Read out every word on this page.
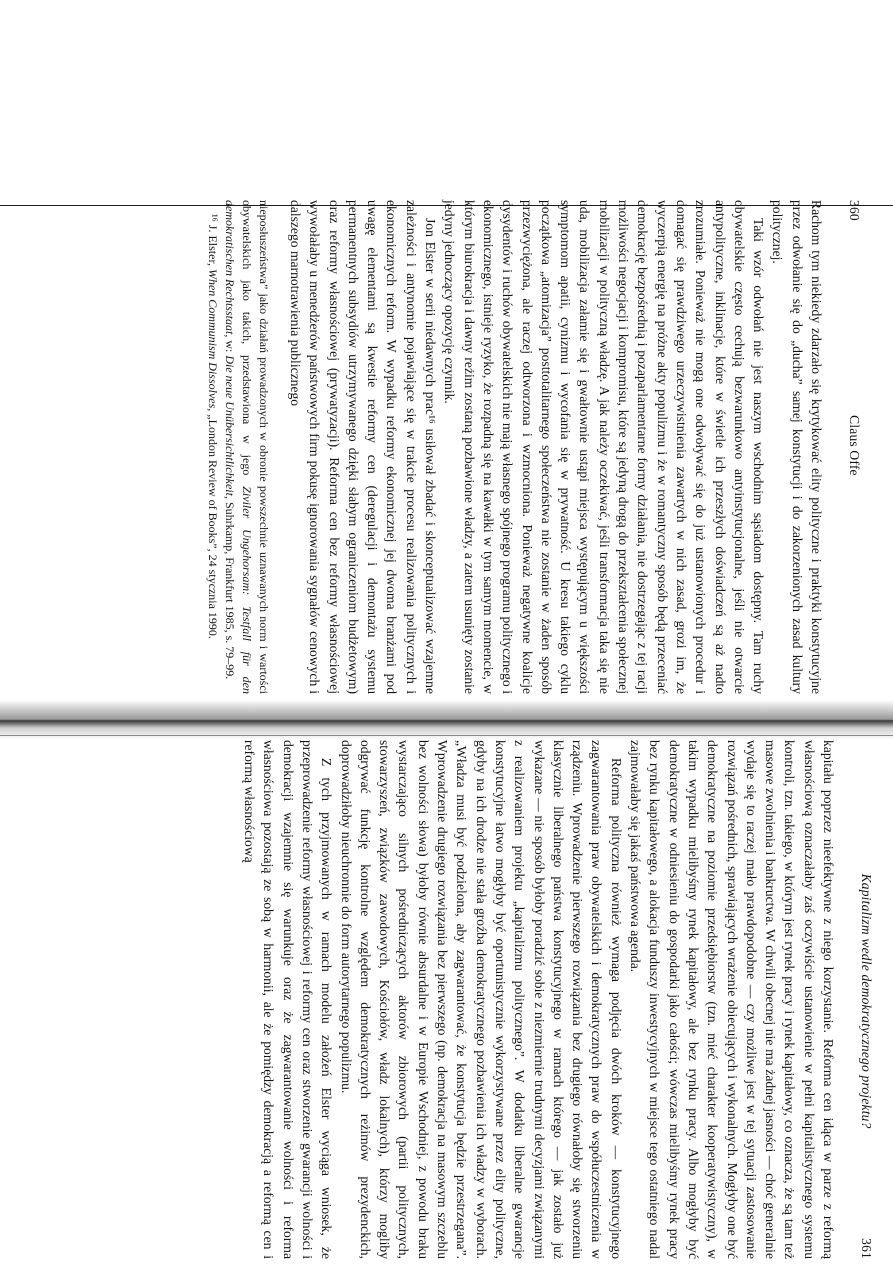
360
Claus Offe

Rachom tym niekiedy zdarzało się krytykować elity polityczne i praktyki konstytucyjne przez odwołanie się do „ducha” samej konstytucji i do zakorzenionych zasad kultury politycznej.

Taki wzór odwołań nie jest naszym wschodnim sąsiadom dostępny. Tam ruchy obywatelskie często cechują bezwarunkowo antyinstytucjonalne, jeśli nie otwarcie antypolityczne, inklinacje, które w świetle ich przeszłych doświadczeń są aż nadto zrozumiałe. Ponieważ nie mogą one odwoływać się do już ustanowionych procedur i domagać się prawdziwego urzeczywistnienia zawartych w nich zasad, grozi im, że wyczerpią energię na próżne akty populizmu i że w romantyczny sposób będą przeceniać demokrację bezpośrednią i pozaparlamentarne formy działania, nie dostrzegając z tej racji możliwości negocjacji i kompromisu, które są jedyną drogą do przekształcenia społecznej mobilizacji w polityczną władzę. A jak należy oczekiwać, jeśli transformacja taka się nie uda, mobilizacja załamie się i gwałtownie ustąpi miejsca występującym u większości symptomom apatii, cynizmu i wycofania się w prywatność. U kresu takiego cyklu początkowa „atomizacja” posttotalitarnego społeczeństwa nie zostanie w żaden sposób przezwyciężona, ale raczej odtworzona i wzmocniona. Ponieważ negatywne koalicje dysydentów i ruchów obywatelskich nie mają własnego spójnego programu politycznego i ekonomicznego, istnieje ryzyko, że rozpadną się na kawałki w tym samym momencie, w którym biurokracja i dawny reżim zostaną pozbawione władzy, a zatem usunięty zostanie jedyny jednoczący opozycję czynnik.

Jon Elster w serii niedawnych prac¹⁶ usiłował zbadać i skonceptualizować wzajemne zależności i antynomie pojawiające się w trakcie procesu realizowania politycznych i ekonomicznych reform. W wypadku reformy ekonomicznej jej dwoma branżami pod uwagę elementami są kwestie reformy cen (deregulacji i demontażu systemu permanentnych subsydiów utrzymywanego dzięki słabym ograniczeniom budżetowym) oraz reformy własnościowej (prywatyzacji). Reforma cen bez reformy własnościowej wywołałaby u menedżerów państwowych firm pokusę ignorowania sygnałów cenowych i dalszego marnotrawienia publicznego

nieposłuszeństwa” jako działań prowadzonych w obronie powszechnie uznawanych norm i wartości obywatelskich jako takich, przedstawiona w jego Ziviler Ungehorsam: Testfall für den demokratischen Rechtsstaat, w: Die neue Unübersichtlichkeit, Suhrkamp, Frankfurt 1985, s. 79–99.

¹⁶ J. Elster, When Communism Dissolves, „London Review of Books”, 24 stycznia 1990.

Kapitalizm wedle demokratycznego projektu?
361

kapitału poprzez nieefektywne z niego korzystanie. Reforma cen idąca w parze z reformą własnościową oznaczałaby zaś oczywiście ustanowienie w pełni kapitalistycznego systemu kontroli, tzn. takiego, w którym jest rynek pracy i rynek kapitałowy, co oznacza, że są tam też masowe zwolnienia i bankructwa. W chwili obecnej nie ma żadnej jasności — choć generalnie wydaje się to raczej mało prawdopodobne — czy możliwe jest w tej sytuacji zastosowanie rozwiązań pośrednich, sprawiających wrażenie obiecujących i wykonalnych. Mogłyby one być demokratyczne na poziomie przedsiębiorstw (tzn. mieć charakter kooperatywistyczny), w takim wypadku mielibyśmy rynek kapitałowy, ale bez rynku pracy. Albo mogłyby być demokratyczne w odniesieniu do gospodarki jako całości; wówczas mielibyśmy rynek pracy bez rynku kapitałowego, a alokacja funduszy inwestycyjnych w miejsce tego ostatniego nadal zajmowałaby się jakaś państwowa agenda.

Reforma polityczna również wymaga podjęcia dwóch kroków — konstytucyjnego zagwarantowania praw obywatelskich i demokratycznych praw do współuczestniczenia w rządzeniu. Wprowadzenie pierwszego rozwiązania bez drugiego równałoby się stworzeniu klasycznie liberalnego państwa konstytucyjnego w ramach którego — jak zostało już wykazane — nie sposób byłoby poradzić sobie z niezmiernie trudnymi decyzjami związanymi z realizowaniem projektu „kapitalizmu politycznego”. W dodatku liberalne gwarancje konstytucyjne łatwo mogłyby być oportunistycznie wykorzystywane przez elity polityczne, gdyby na ich drodze nie stała groźba demokratycznego pozbawienia ich władzy w wyborach. „Władza musi być podzielona, aby zagwarantować, że konstytucja będzie przestrzegana”. Wprowadzenie drugiego rozwiązania bez pierwszego (np. demokracja na masowym szczeblu bez wolności słowa) byłoby równie absurdalne i w Europie Wschodniej, z powodu braku wystarczająco silnych pośredniczących aktorów zbiorowych (partii politycznych, stowarzyszeń, związków zawodowych, Kościołów, władz lokalnych), którzy mogliby odgrywać funkcję kontrolne względem demokratycznych reżimów prezydenckich, doprowadziłoby nieuchronnie do form autorytarnego populizmu.

Z tych przyjmowanych w ramach modelu założeń Elster wyciąga wniosek, że przeprowadzenie reformy własnościowej i reformy cen oraz stworzenie gwarancji wolności i demokracji wzajemnie się warunkuje oraz że zagwarantowanie wolności i reforma własnościowa pozostają ze sobą w harmonii, ale że pomiędzy demokracją a reformą cen i reformą własnościową
